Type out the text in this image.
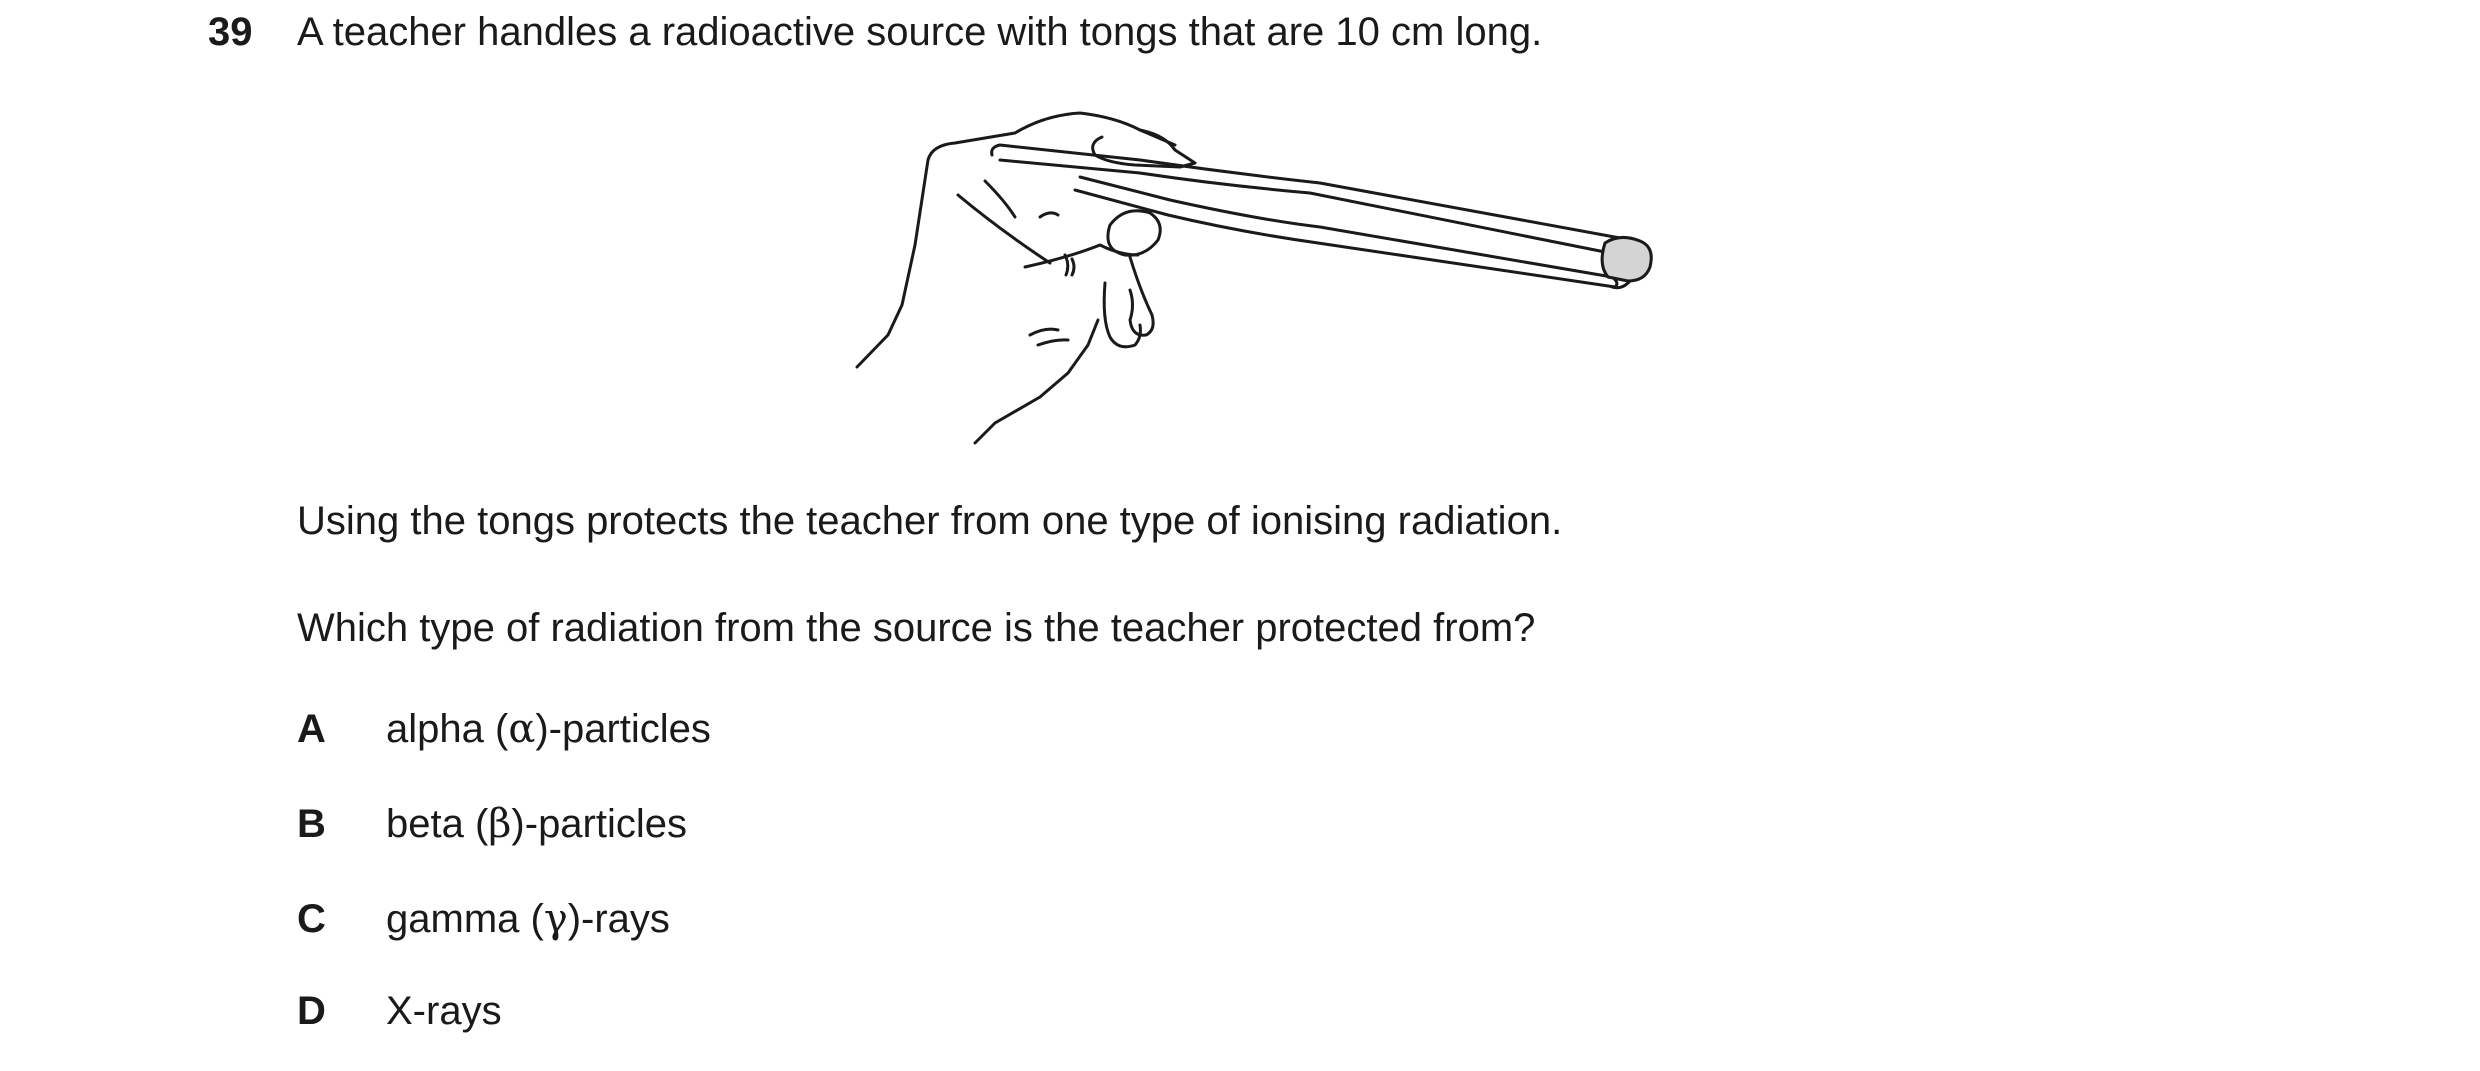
39 A teacher handles a radioactive source with tongs that are 10 cm long.
Using the tongs protects the teacher from one type of ionising radiation.
Which type of radiation from the source is the teacher protected from?
A alpha (α)-particles
B beta (β)-particles
C gamma (γ)-rays
D X-rays
